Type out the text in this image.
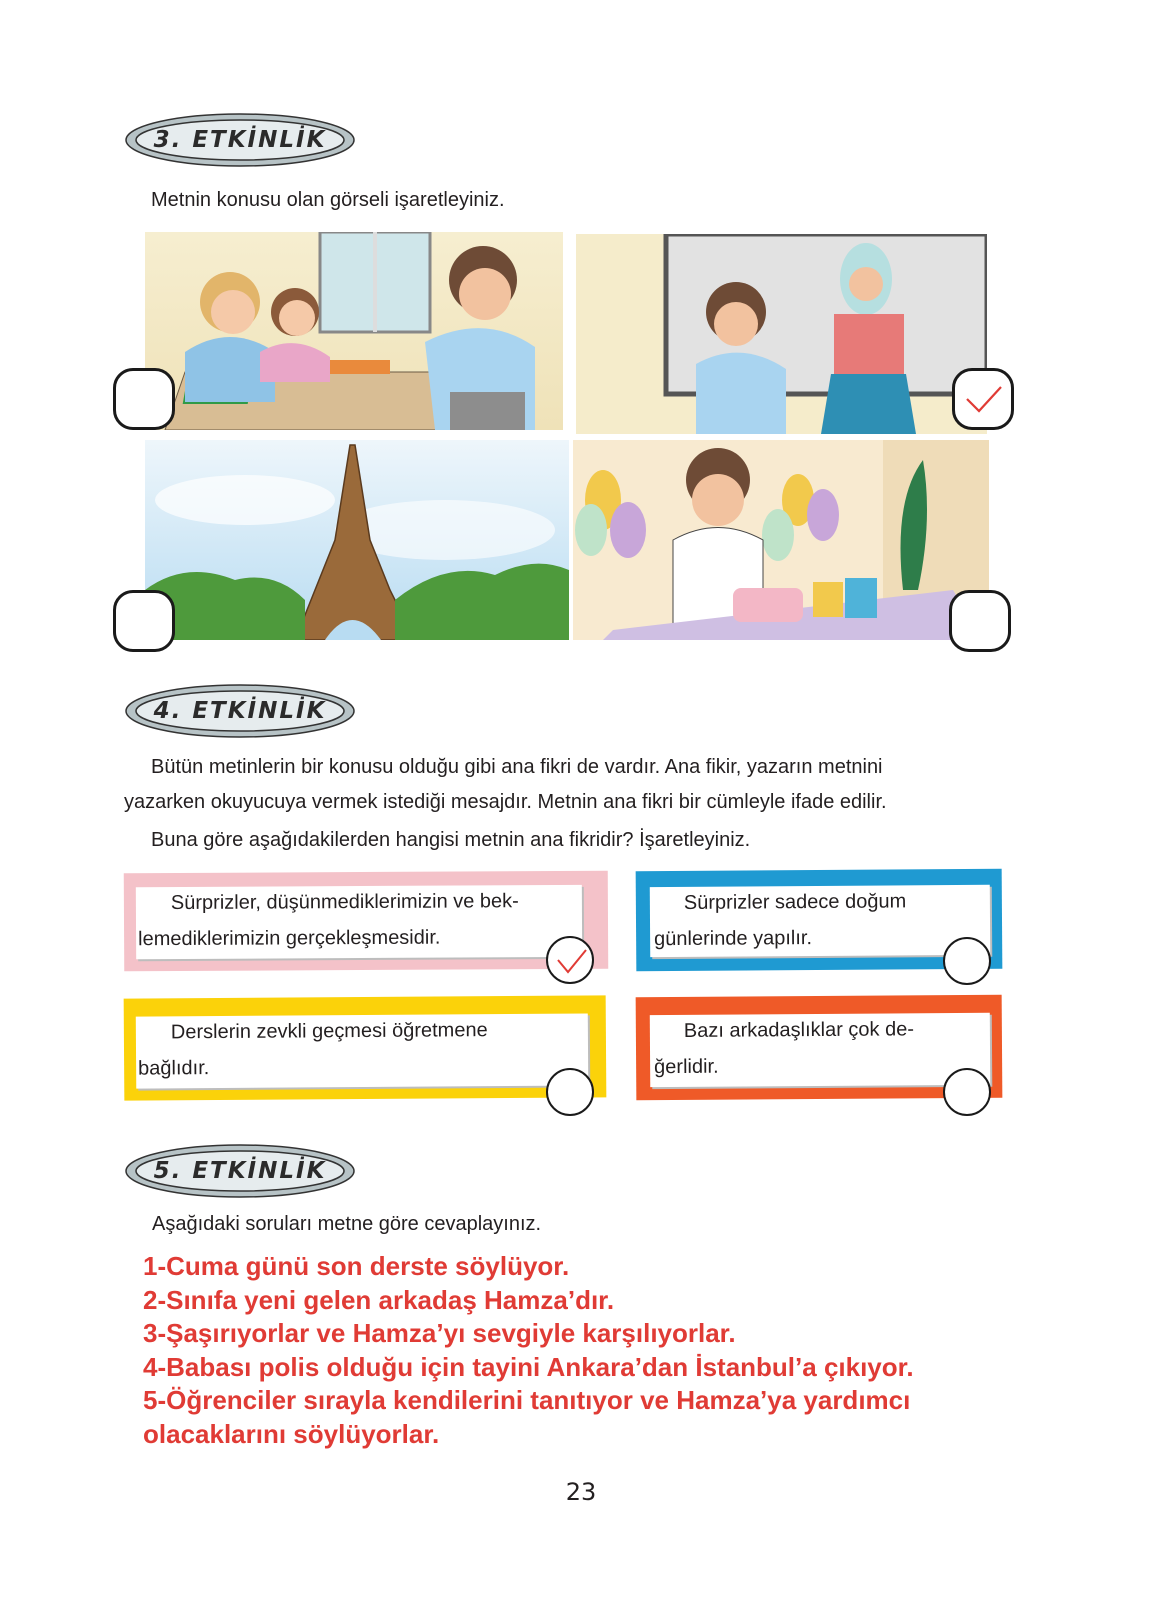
3. ETKİNLİK
Metnin konusu olan görseli işaretleyiniz.
4. ETKİNLİK
Bütün metinlerin bir konusu olduğu gibi ana fikri de vardır. Ana fikir, yazarın metnini
yazarken okuyucuya vermek istediği mesajdır. Metnin ana fikri bir cümleyle ifade edilir.
Buna göre aşağıdakilerden hangisi metnin ana fikridir? İşaretleyiniz.
Sürprizler, düşünmediklerimizin ve bek-
lemediklerimizin gerçekleşmesidir.
Sürprizler sadece doğum
günlerinde yapılır.
Derslerin zevkli geçmesi öğretmene
bağlıdır.
Bazı arkadaşlıklar çok de-
ğerlidir.
5. ETKİNLİK
Aşağıdaki soruları metne göre cevaplayınız.
1-Cuma günü son derste söylüyor.
2-Sınıfa yeni gelen arkadaş Hamza’dır.
3-Şaşırıyorlar ve Hamza’yı sevgiyle karşılıyorlar.
4-Babası polis olduğu için tayini Ankara’dan İstanbul’a çıkıyor.
5-Öğrenciler sırayla kendilerini tanıtıyor ve Hamza’ya yardımcı
olacaklarını söylüyorlar.
23
